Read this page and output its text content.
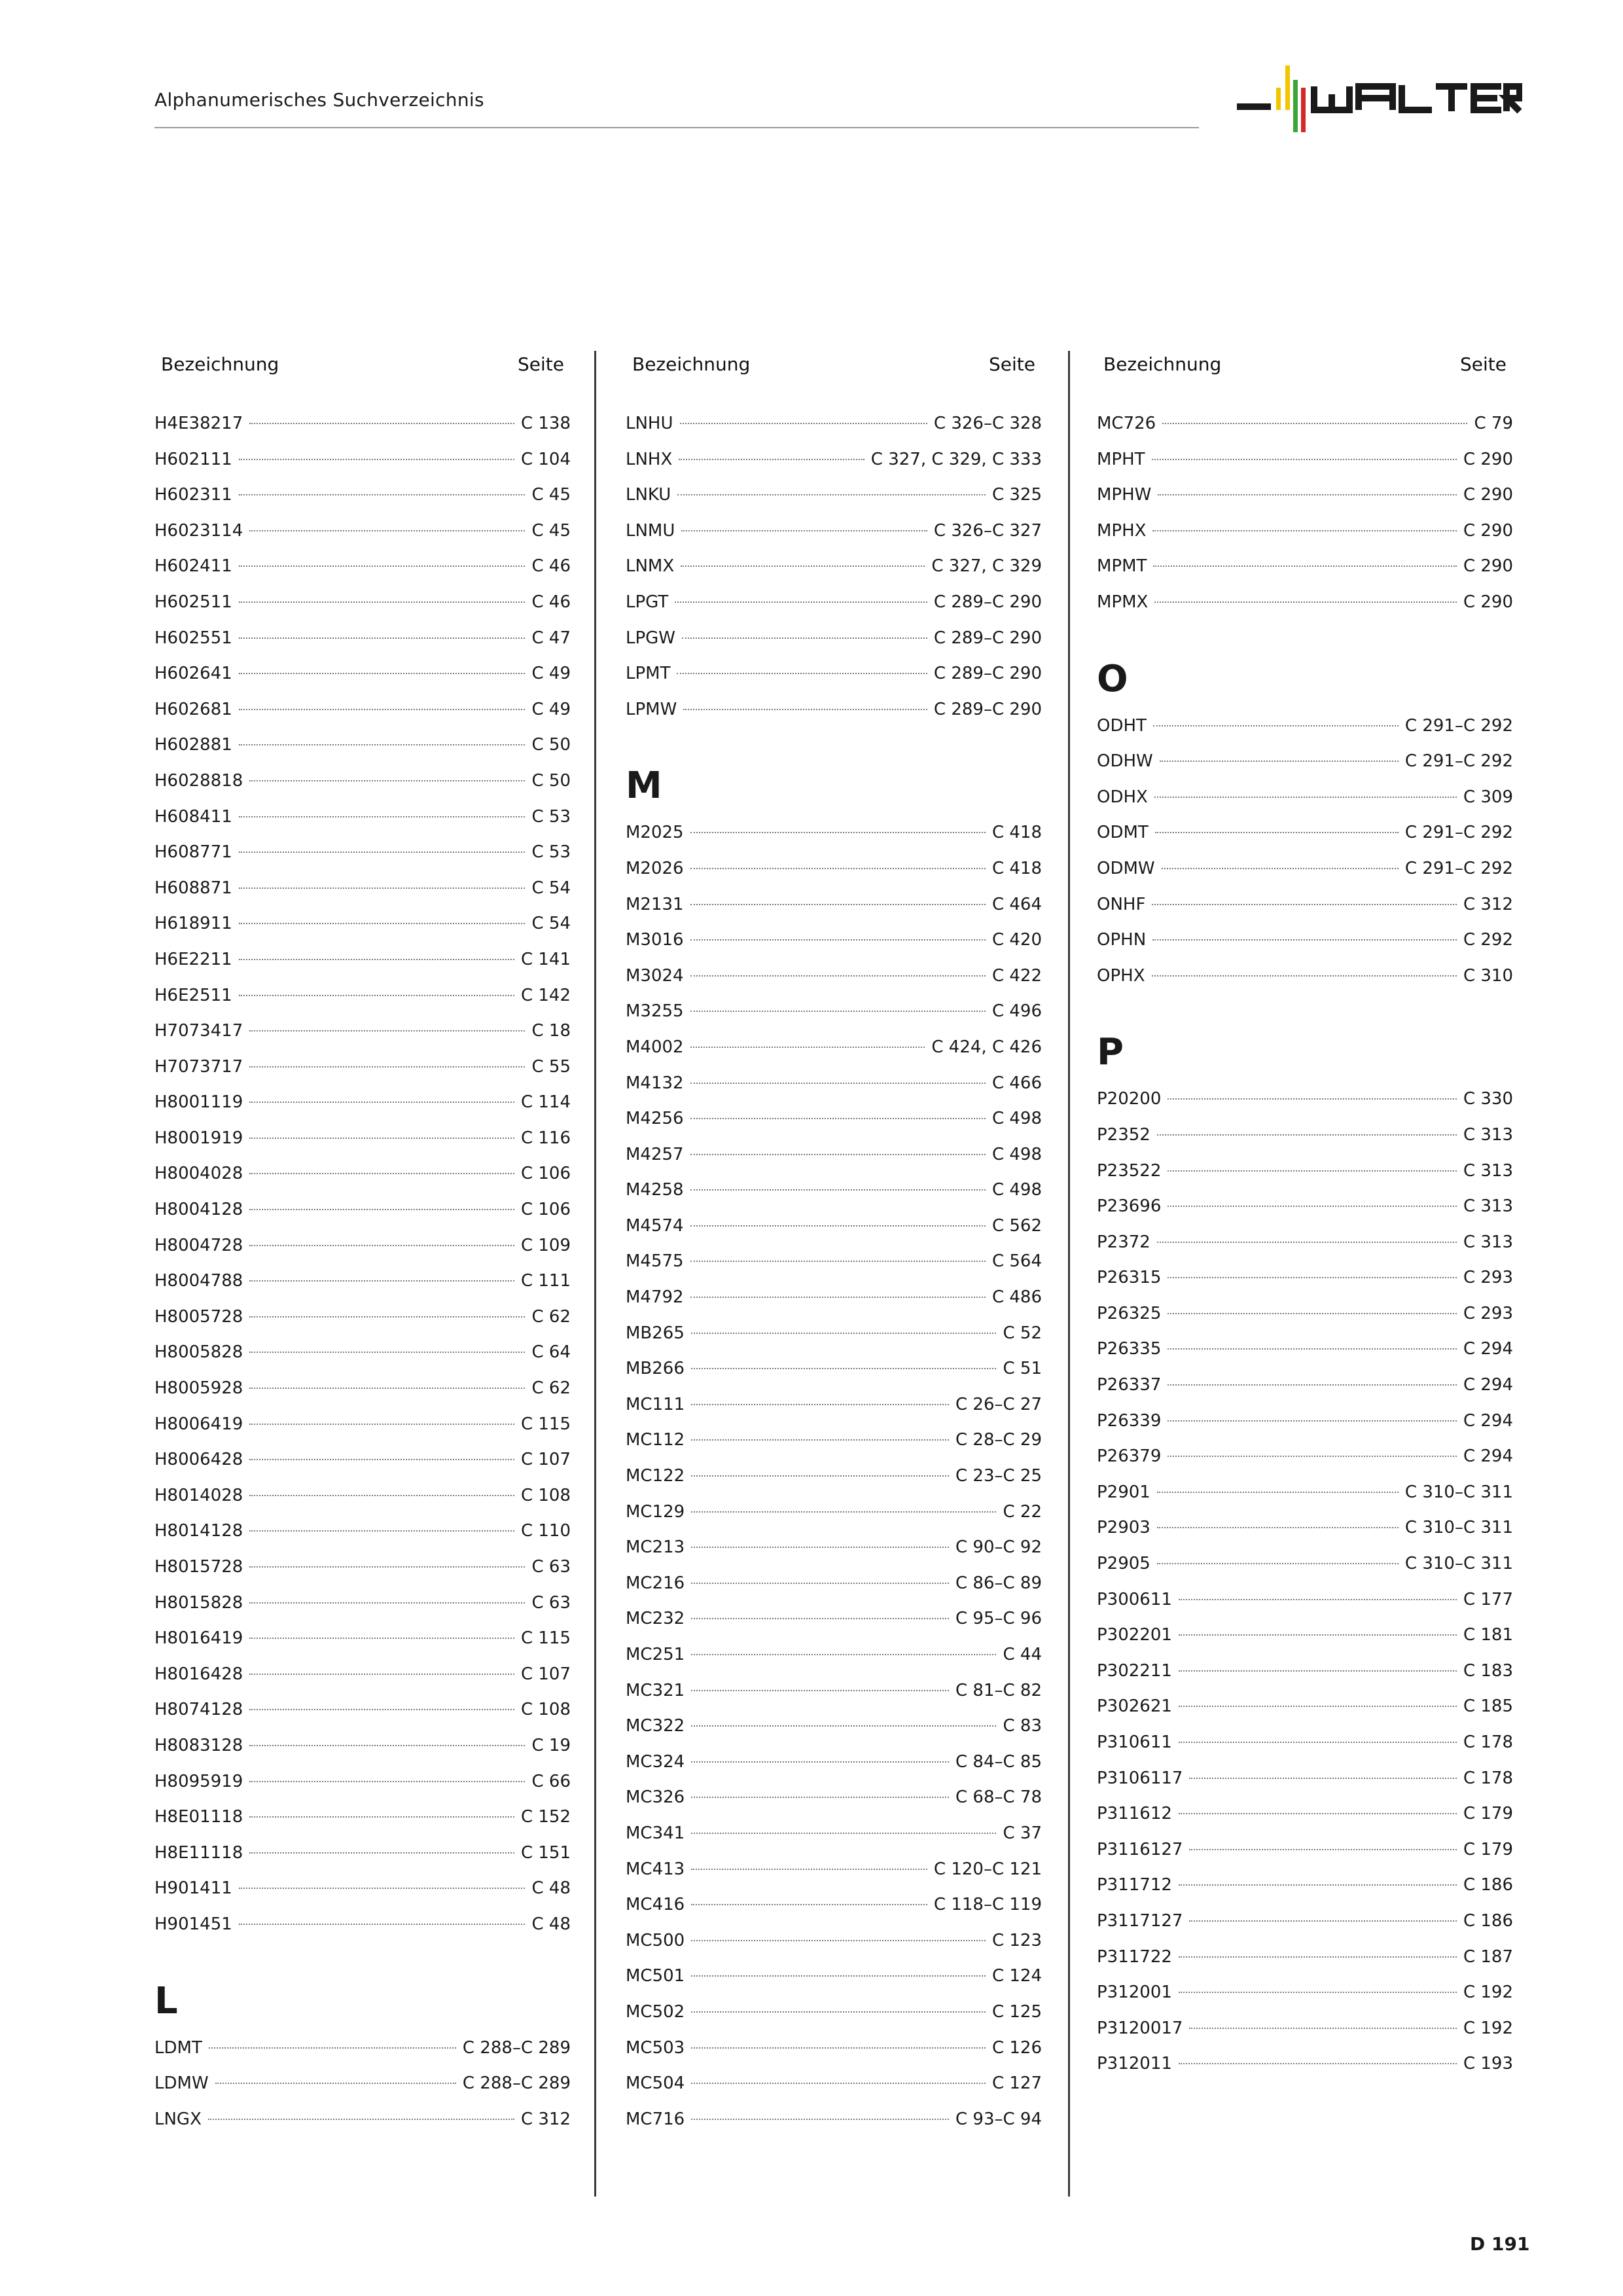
Alphanumerisches Suchverzeichnis
Bezeichnung	Seite
H4E38217	C 138
H602111	C 104
H602311	C 45
H6023114	C 45
H602411	C 46
H602511	C 46
H602551	C 47
H602641	C 49
H602681	C 49
H602881	C 50
H6028818	C 50
H608411	C 53
H608771	C 53
H608871	C 54
H618911	C 54
H6E2211	C 141
H6E2511	C 142
H7073417	C 18
H7073717	C 55
H8001119	C 114
H8001919	C 116
H8004028	C 106
H8004128	C 106
H8004728	C 109
H8004788	C 111
H8005728	C 62
H8005828	C 64
H8005928	C 62
H8006419	C 115
H8006428	C 107
H8014028	C 108
H8014128	C 110
H8015728	C 63
H8015828	C 63
H8016419	C 115
H8016428	C 107
H8074128	C 108
H8083128	C 19
H8095919	C 66
H8E01118	C 152
H8E11118	C 151
H901411	C 48
H901451	C 48
L
LDMT	C 288–C 289
LDMW	C 288–C 289
LNGX	C 312
Bezeichnung	Seite
LNHU	C 326–C 328
LNHX	C 327, C 329, C 333
LNKU	C 325
LNMU	C 326–C 327
LNMX	C 327, C 329
LPGT	C 289–C 290
LPGW	C 289–C 290
LPMT	C 289–C 290
LPMW	C 289–C 290
M
M2025	C 418
M2026	C 418
M2131	C 464
M3016	C 420
M3024	C 422
M3255	C 496
M4002	C 424, C 426
M4132	C 466
M4256	C 498
M4257	C 498
M4258	C 498
M4574	C 562
M4575	C 564
M4792	C 486
MB265	C 52
MB266	C 51
MC111	C 26–C 27
MC112	C 28–C 29
MC122	C 23–C 25
MC129	C 22
MC213	C 90–C 92
MC216	C 86–C 89
MC232	C 95–C 96
MC251	C 44
MC321	C 81–C 82
MC322	C 83
MC324	C 84–C 85
MC326	C 68–C 78
MC341	C 37
MC413	C 120–C 121
MC416	C 118–C 119
MC500	C 123
MC501	C 124
MC502	C 125
MC503	C 126
MC504	C 127
MC716	C 93–C 94
Bezeichnung	Seite
MC726	C 79
MPHT	C 290
MPHW	C 290
MPHX	C 290
MPMT	C 290
MPMX	C 290
O
ODHT	C 291–C 292
ODHW	C 291–C 292
ODHX	C 309
ODMT	C 291–C 292
ODMW	C 291–C 292
ONHF	C 312
OPHN	C 292
OPHX	C 310
P
P20200	C 330
P2352	C 313
P23522	C 313
P23696	C 313
P2372	C 313
P26315	C 293
P26325	C 293
P26335	C 294
P26337	C 294
P26339	C 294
P26379	C 294
P2901	C 310–C 311
P2903	C 310–C 311
P2905	C 310–C 311
P300611	C 177
P302201	C 181
P302211	C 183
P302621	C 185
P310611	C 178
P3106117	C 178
P311612	C 179
P3116127	C 179
P311712	C 186
P3117127	C 186
P311722	C 187
P312001	C 192
P3120017	C 192
P312011	C 193
D 191
